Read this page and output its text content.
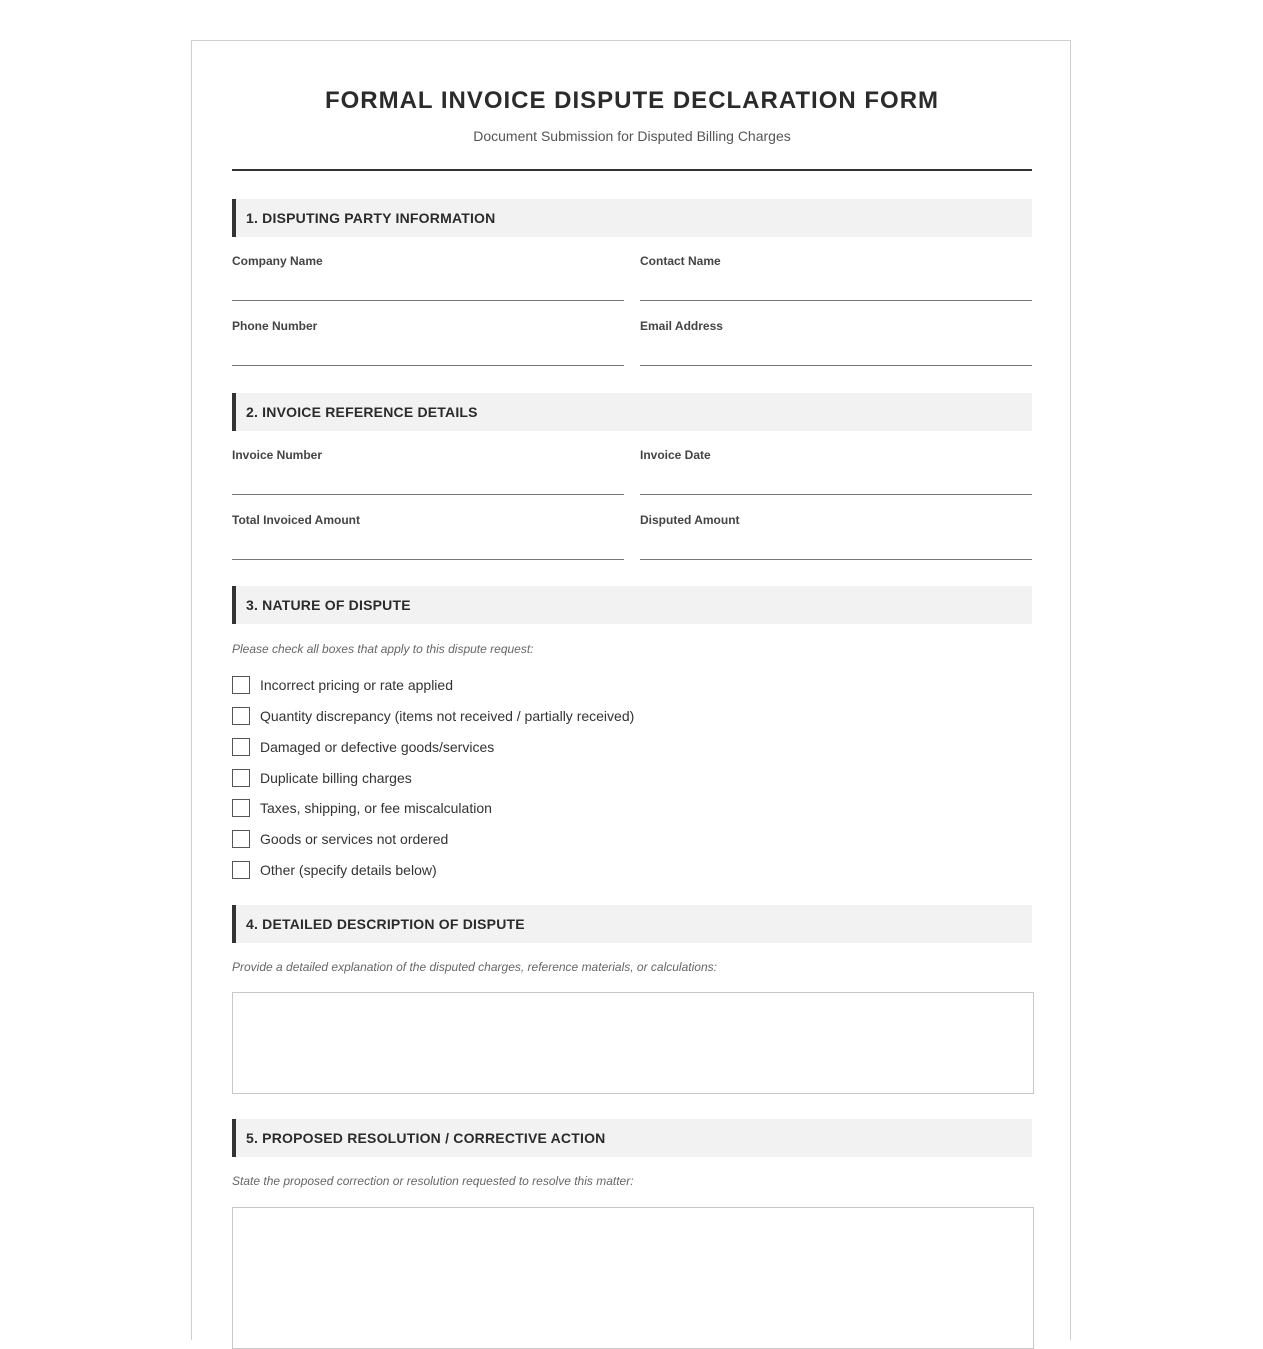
FORMAL INVOICE DISPUTE DECLARATION FORM
Document Submission for Disputed Billing Charges
1. DISPUTING PARTY INFORMATION
Company Name	Contact Name
Phone Number	Email Address
2. INVOICE REFERENCE DETAILS
Invoice Number	Invoice Date
Total Invoiced Amount	Disputed Amount
3. NATURE OF DISPUTE
Please check all boxes that apply to this dispute request:
Incorrect pricing or rate applied
Quantity discrepancy (items not received / partially received)
Damaged or defective goods/services
Duplicate billing charges
Taxes, shipping, or fee miscalculation
Goods or services not ordered
Other (specify details below)
4. DETAILED DESCRIPTION OF DISPUTE
Provide a detailed explanation of the disputed charges, reference materials, or calculations:
5. PROPOSED RESOLUTION / CORRECTIVE ACTION
State the proposed correction or resolution requested to resolve this matter:
